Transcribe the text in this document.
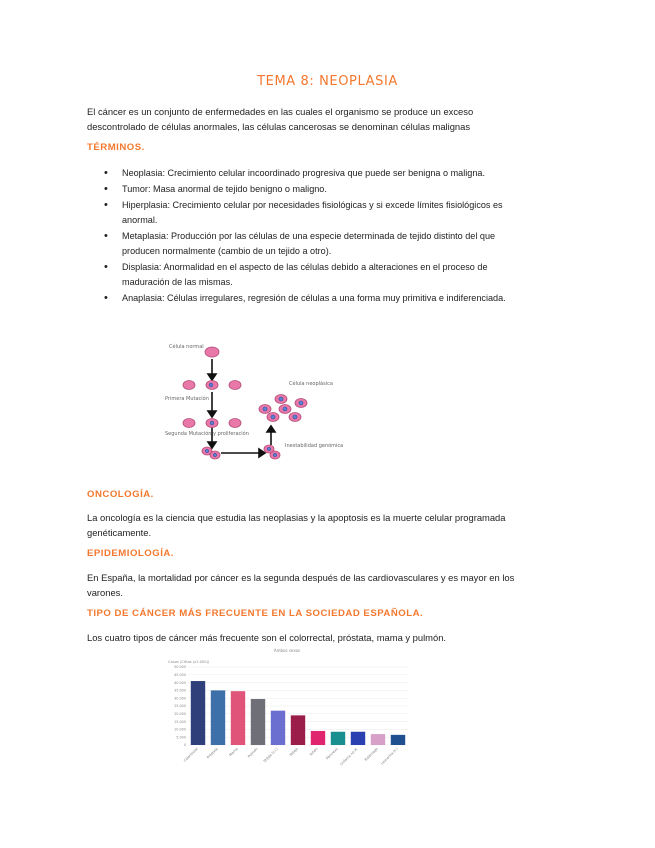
TEMA 8: NEOPLASIA
El cáncer es un conjunto de enfermedades en las cuales el organismo se produce un exceso descontrolado de células anormales, las células cancerosas se denominan células malignas
TÉRMINOS.
• Neoplasia: Crecimiento celular incoordinado progresiva que puede ser benigna o maligna.
• Tumor: Masa anormal de tejido benigno o maligno.
• Hiperplasia: Crecimiento celular por necesidades fisiológicas y si excede límites fisiológicos es anormal.
• Metaplasia: Producción por las células de una especie determinada de tejido distinto del que producen normalmente (cambio de un tejido a otro).
• Displasia: Anormalidad en el aspecto de las células debido a alteraciones en el proceso de maduración de las mismas.
• Anaplasia: Células irregulares, regresión de células a una forma muy primitiva e indiferenciada.
Célula normal
Primera Mutación
Segunda Mutación y proliferación
Célula neoplásica
Inestabilidad genómica
ONCOLOGÍA.
La oncología es la ciencia que estudia las neoplasias y la apoptosis es la muerte celular programada genéticamente.
EPIDEMIOLOGÍA.
En España, la mortalidad por cáncer es la segunda después de las cardiovasculares y es mayor en los varones.
TIPO DE CÁNCER MÁS FRECUENTE EN LA SOCIEDAD ESPAÑOLA.
Los cuatro tipos de cáncer más frecuente son el colorrectal, próstata, mama y pulmón.
Ambos sexos
Casos (Cifras (x1.000))
0
5.000
10.000
15.000
20.000
25.000
30.000
35.000
40.000
45.000
50.000
Colorrectal Próstata	Mama Pulmón Vejiga (v.i.)	Vejiga	Riñón Páncreas Linfoma no H. Estómago Leucemia (t.)
